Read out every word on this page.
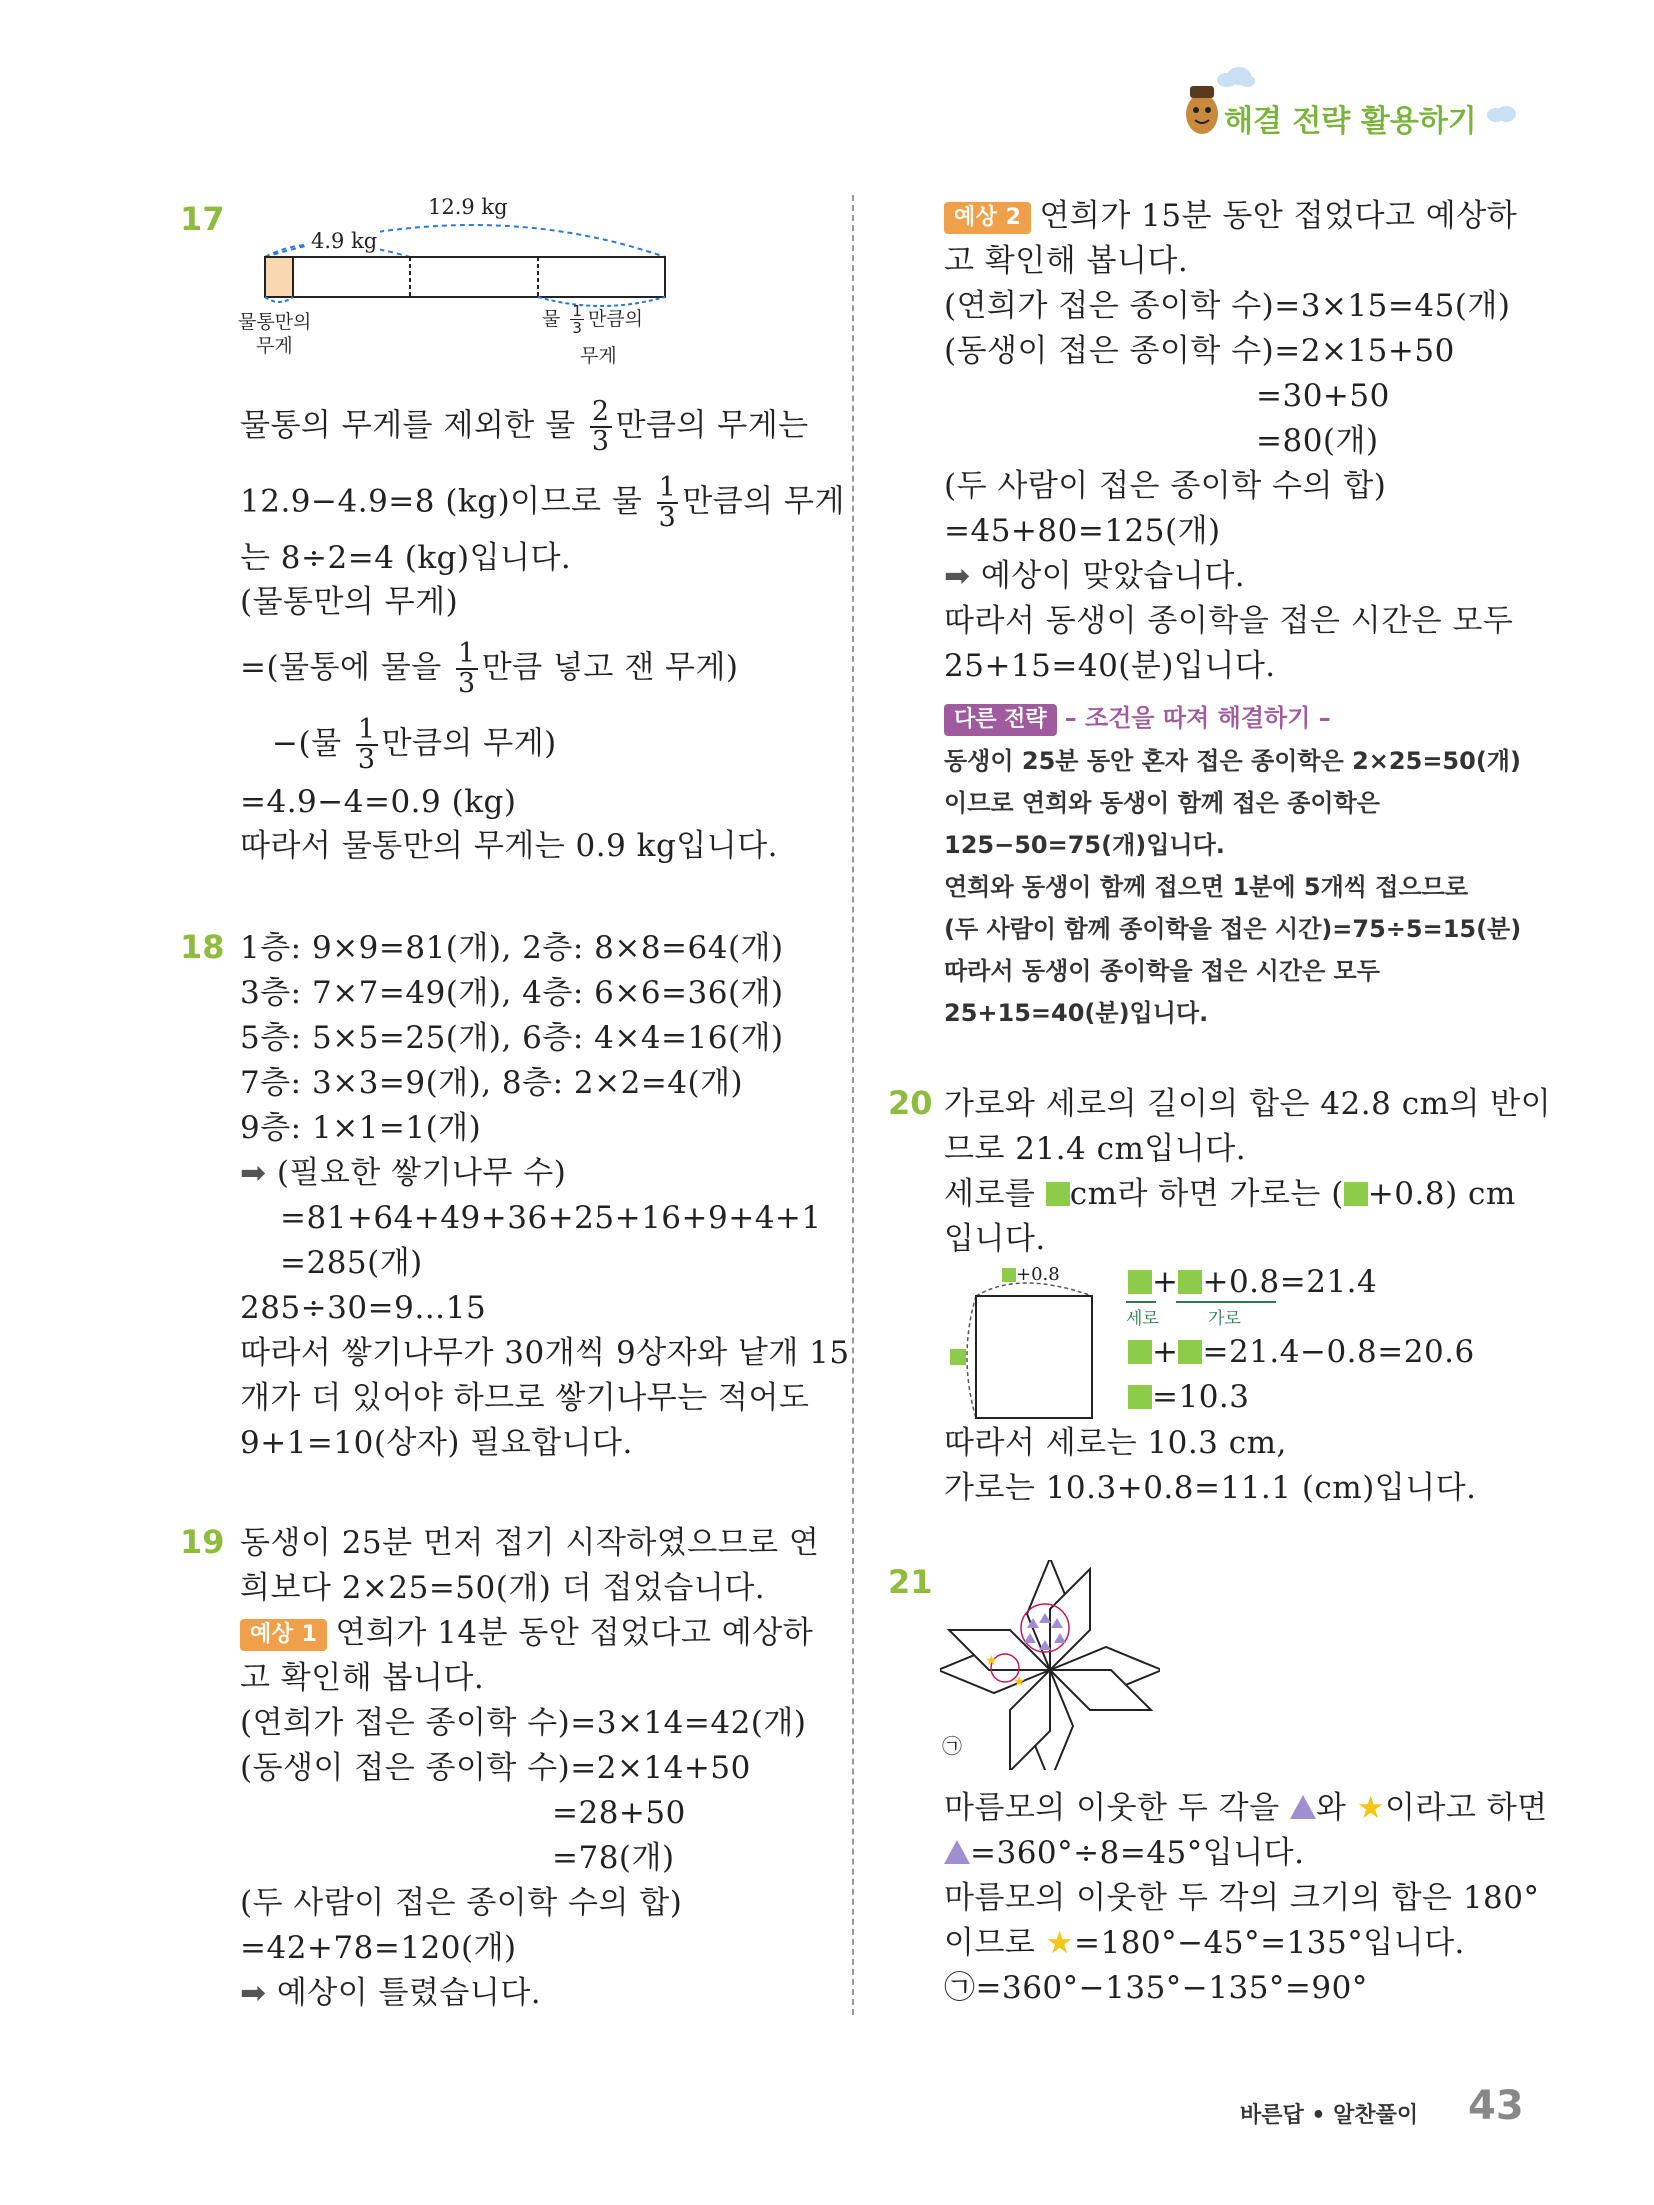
해결 전략 활용하기
17	12.9 kg
4.9 kg
물통만의
무게
물 $\frac{1}{3}$ 만큼의
무게
물통의 무게를 제외한 물 $\frac{2}{3}$ 만큼의 무게는
12.9−4.9=8 (kg)이므로 물 $\frac{1}{3}$ 만큼의 무게
는 8÷2=4 (kg)입니다.
(물통만의 무게)
=(물통에 물을 $\frac{1}{3}$ 만큼 넣고 잰 무게)
−(물 $\frac{1}{3}$ 만큼의 무게)
=4.9−4=0.9 (kg)
따라서 물통만의 무게는 0.9 kg입니다.
18 1층: 9×9=81(개), 2층: 8×8=64(개)
3층: 7×7=49(개), 4층: 6×6=36(개)
5층: 5×5=25(개), 6층: 4×4=16(개)
7층: 3×3=9(개), 8층: 2×2=4(개)
9층: 1×1=1(개)
➡ (필요한 쌓기나무 수)
=81+64+49+36+25+16+9+4+1
=285(개)
285÷30=9…15
따라서 쌓기나무가 30개씩 9상자와 낱개 15
개가 더 있어야 하므로 쌓기나무는 적어도
9+1=10(상자) 필요합니다.
19 동생이 25분 먼저 접기 시작하였으므로 연
희보다 2×25=50(개) 더 접었습니다.
예상 1 연희가 14분 동안 접었다고 예상하
고 확인해 봅니다.
(연희가 접은 종이학 수)=3×14=42(개)
(동생이 접은 종이학 수)=2×14+50
=28+50
=78(개)
(두 사람이 접은 종이학 수의 합)
=42+78=120(개)
➡ 예상이 틀렸습니다.
예상 2 연희가 15분 동안 접었다고 예상하
고 확인해 봅니다.
(연희가 접은 종이학 수)=3×15=45(개)
(동생이 접은 종이학 수)=2×15+50
=30+50
=80(개)
(두 사람이 접은 종이학 수의 합)
=45+80=125(개)
➡ 예상이 맞았습니다.
따라서 동생이 종이학을 접은 시간은 모두
25+15=40(분)입니다.
다른 전략 – 조건을 따져 해결하기 –
동생이 25분 동안 혼자 접은 종이학은 2×25=50(개)
이므로 연희와 동생이 함께 접은 종이학은
125−50=75(개)입니다.
연희와 동생이 함께 접으면 1분에 5개씩 접으므로
(두 사람이 함께 종이학을 접은 시간)=75÷5=15(분)
따라서 동생이 종이학을 접은 시간은 모두
25+15=40(분)입니다.
20 가로와 세로의 길이의 합은 42.8 cm의 반이
므로 21.4 cm입니다.
세로를 cm라 하면 가로는 ( +0.8) cm
입니다.
+0.8	+ +0.8=21.4
세로	가로
+ =21.4−0.8=20.6
=10.3
따라서 세로는 10.3 cm,
가로는 10.3+0.8=11.1 (cm)입니다.
21
★
★
㉠
마름모의 이웃한 두 각을 와 ★이라고 하면
=360°÷8=45°입니다.
마름모의 이웃한 두 각의 크기의 합은 180°
이므로 ★=180°−45°=135°입니다.
㉠=360°−135°−135°=90°
바른답 • 알찬풀이 43
